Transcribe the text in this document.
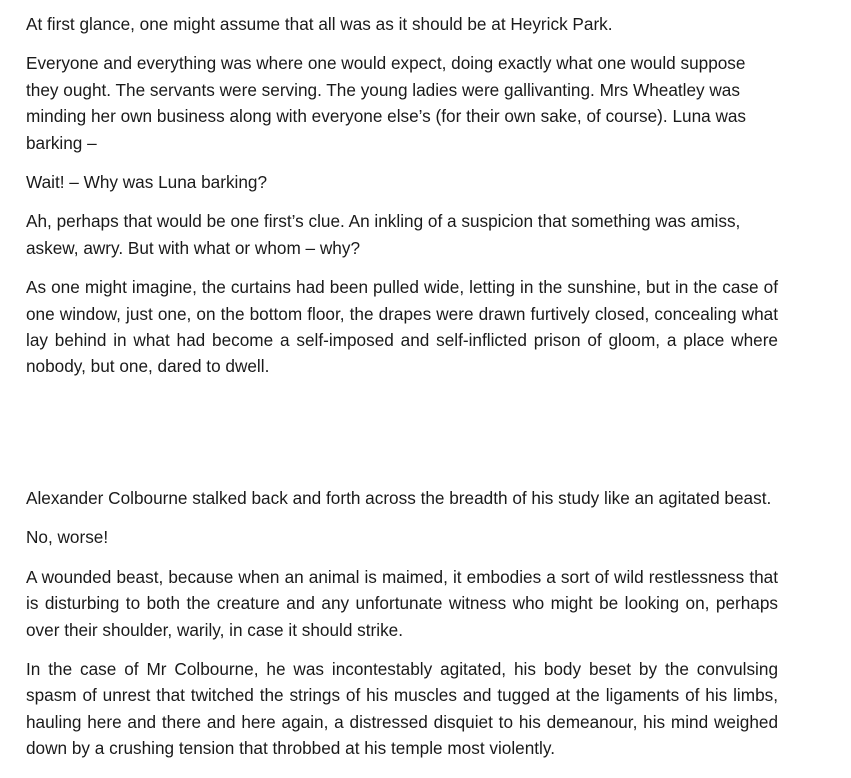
At first glance, one might assume that all was as it should be at Heyrick Park.

Everyone and everything was where one would expect, doing exactly what one would suppose they ought. The servants were serving. The young ladies were gallivanting. Mrs Wheatley was minding her own business along with everyone else’s (for their own sake, of course). Luna was barking –

Wait! – Why was Luna barking?

Ah, perhaps that would be one first’s clue. An inkling of a suspicion that something was amiss, askew, awry. But with what or whom – why?

As one might imagine, the curtains had been pulled wide, letting in the sunshine, but in the case of one window, just one, on the bottom floor, the drapes were drawn furtively closed, concealing what lay behind in what had become a self-imposed and self-inflicted prison of gloom, a place where nobody, but one, dared to dwell.

Alexander Colbourne stalked back and forth across the breadth of his study like an agitated beast.

No, worse!

A wounded beast, because when an animal is maimed, it embodies a sort of wild restlessness that is disturbing to both the creature and any unfortunate witness who might be looking on, perhaps over their shoulder, warily, in case it should strike.

In the case of Mr Colbourne, he was incontestably agitated, his body beset by the convulsing spasm of unrest that twitched the strings of his muscles and tugged at the ligaments of his limbs, hauling here and there and here again, a distressed disquiet to his demeanour, his mind weighed down by a crushing tension that throbbed at his temple most violently.
